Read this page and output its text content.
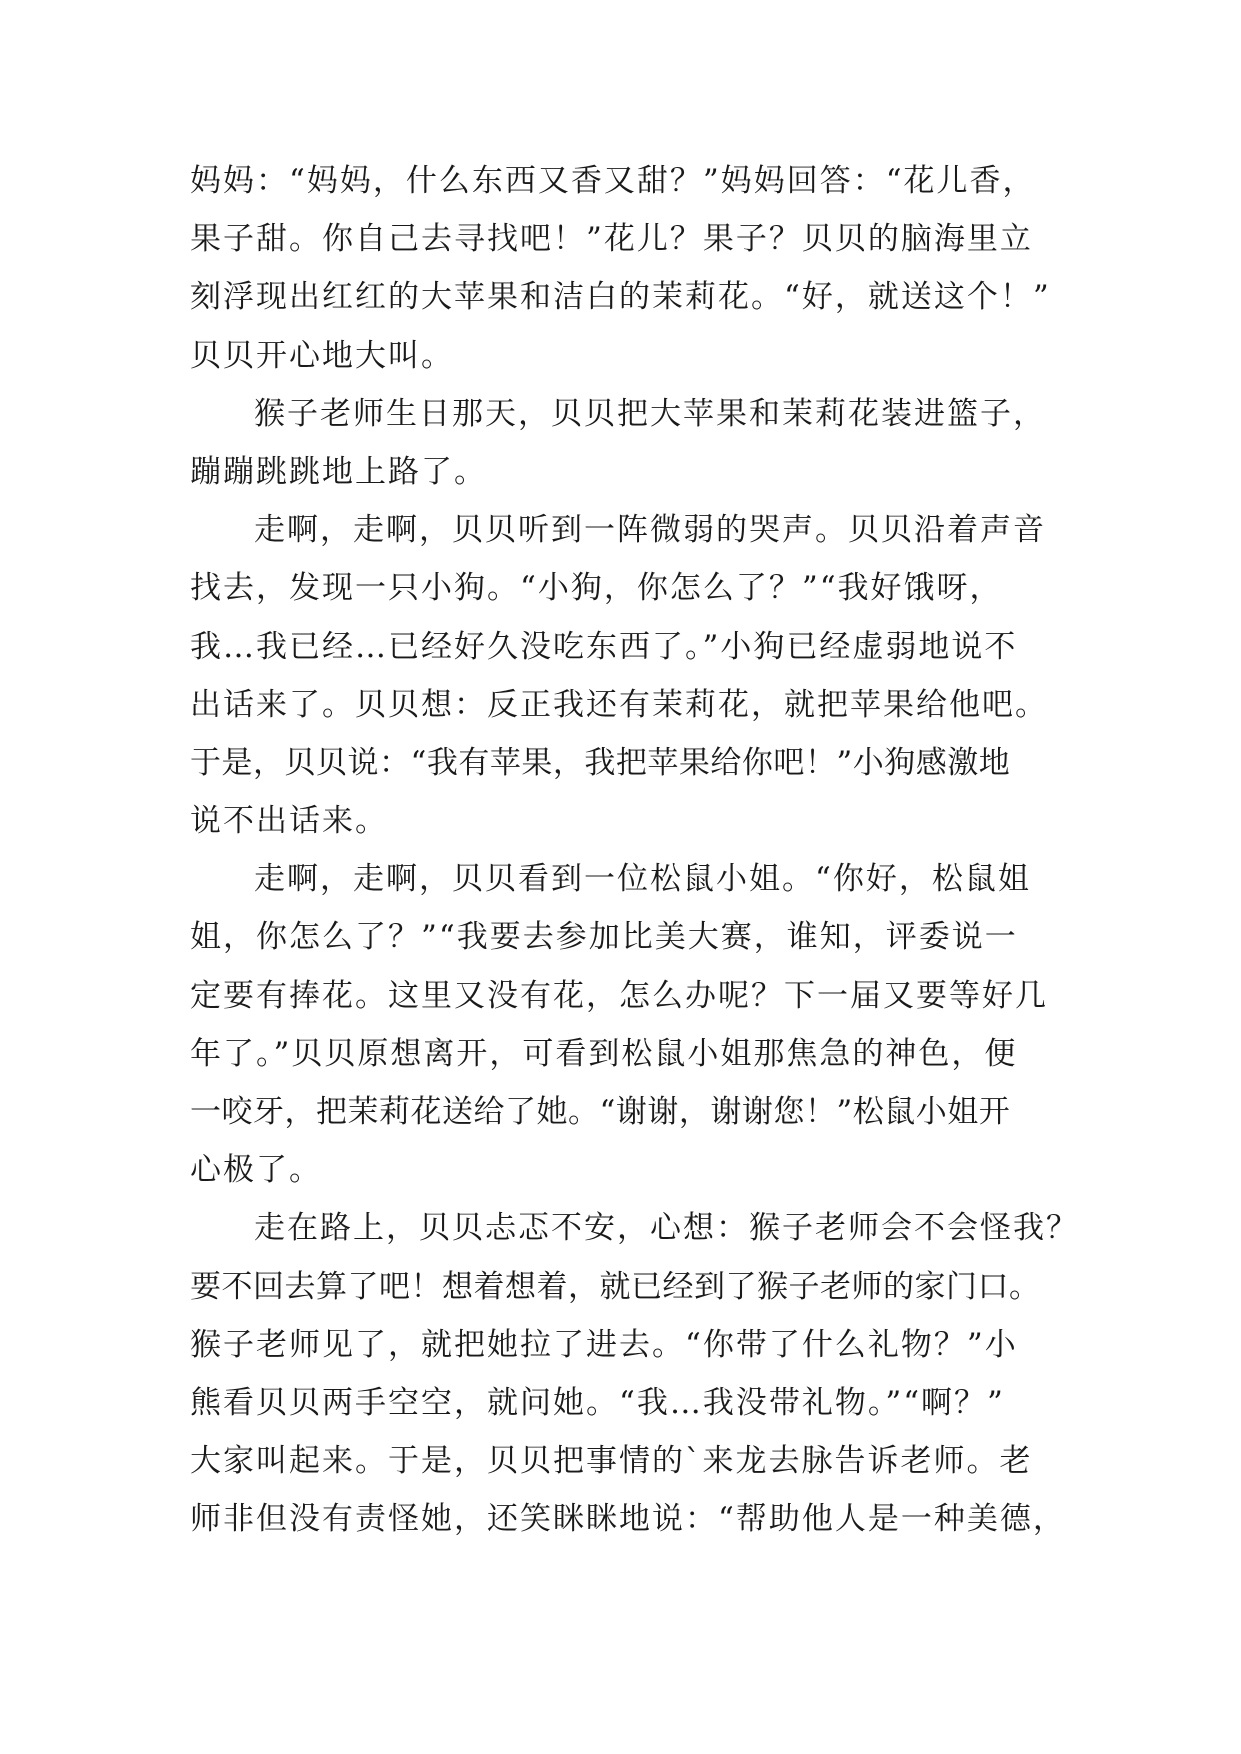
妈妈：“妈妈，什么东西又香又甜？”妈妈回答：“花儿香，
果子甜。你自己去寻找吧！”花儿？果子？贝贝的脑海里立
刻浮现出红红的大苹果和洁白的茉莉花。“好，就送这个！”
贝贝开心地大叫。
猴子老师生日那天，贝贝把大苹果和茉莉花装进篮子，
蹦蹦跳跳地上路了。
走啊，走啊，贝贝听到一阵微弱的哭声。贝贝沿着声音
找去，发现一只小狗。“小狗，你怎么了？”“我好饿呀，
我…我已经…已经好久没吃东西了。”小狗已经虚弱地说不
出话来了。贝贝想：反正我还有茉莉花，就把苹果给他吧。
于是，贝贝说：“我有苹果，我把苹果给你吧！”小狗感激地
说不出话来。
走啊，走啊，贝贝看到一位松鼠小姐。“你好，松鼠姐
姐，你怎么了？”“我要去参加比美大赛，谁知，评委说一
定要有捧花。这里又没有花，怎么办呢？下一届又要等好几
年了。”贝贝原想离开，可看到松鼠小姐那焦急的神色，便
一咬牙，把茉莉花送给了她。“谢谢，谢谢您！”松鼠小姐开
心极了。
走在路上，贝贝忐忑不安，心想：猴子老师会不会怪我？
要不回去算了吧！想着想着，就已经到了猴子老师的家门口。
猴子老师见了，就把她拉了进去。“你带了什么礼物？”小
熊看贝贝两手空空，就问她。“我…我没带礼物。”“啊？”
大家叫起来。于是，贝贝把事情的`来龙去脉告诉老师。老
师非但没有责怪她，还笑眯眯地说：“帮助他人是一种美德，
